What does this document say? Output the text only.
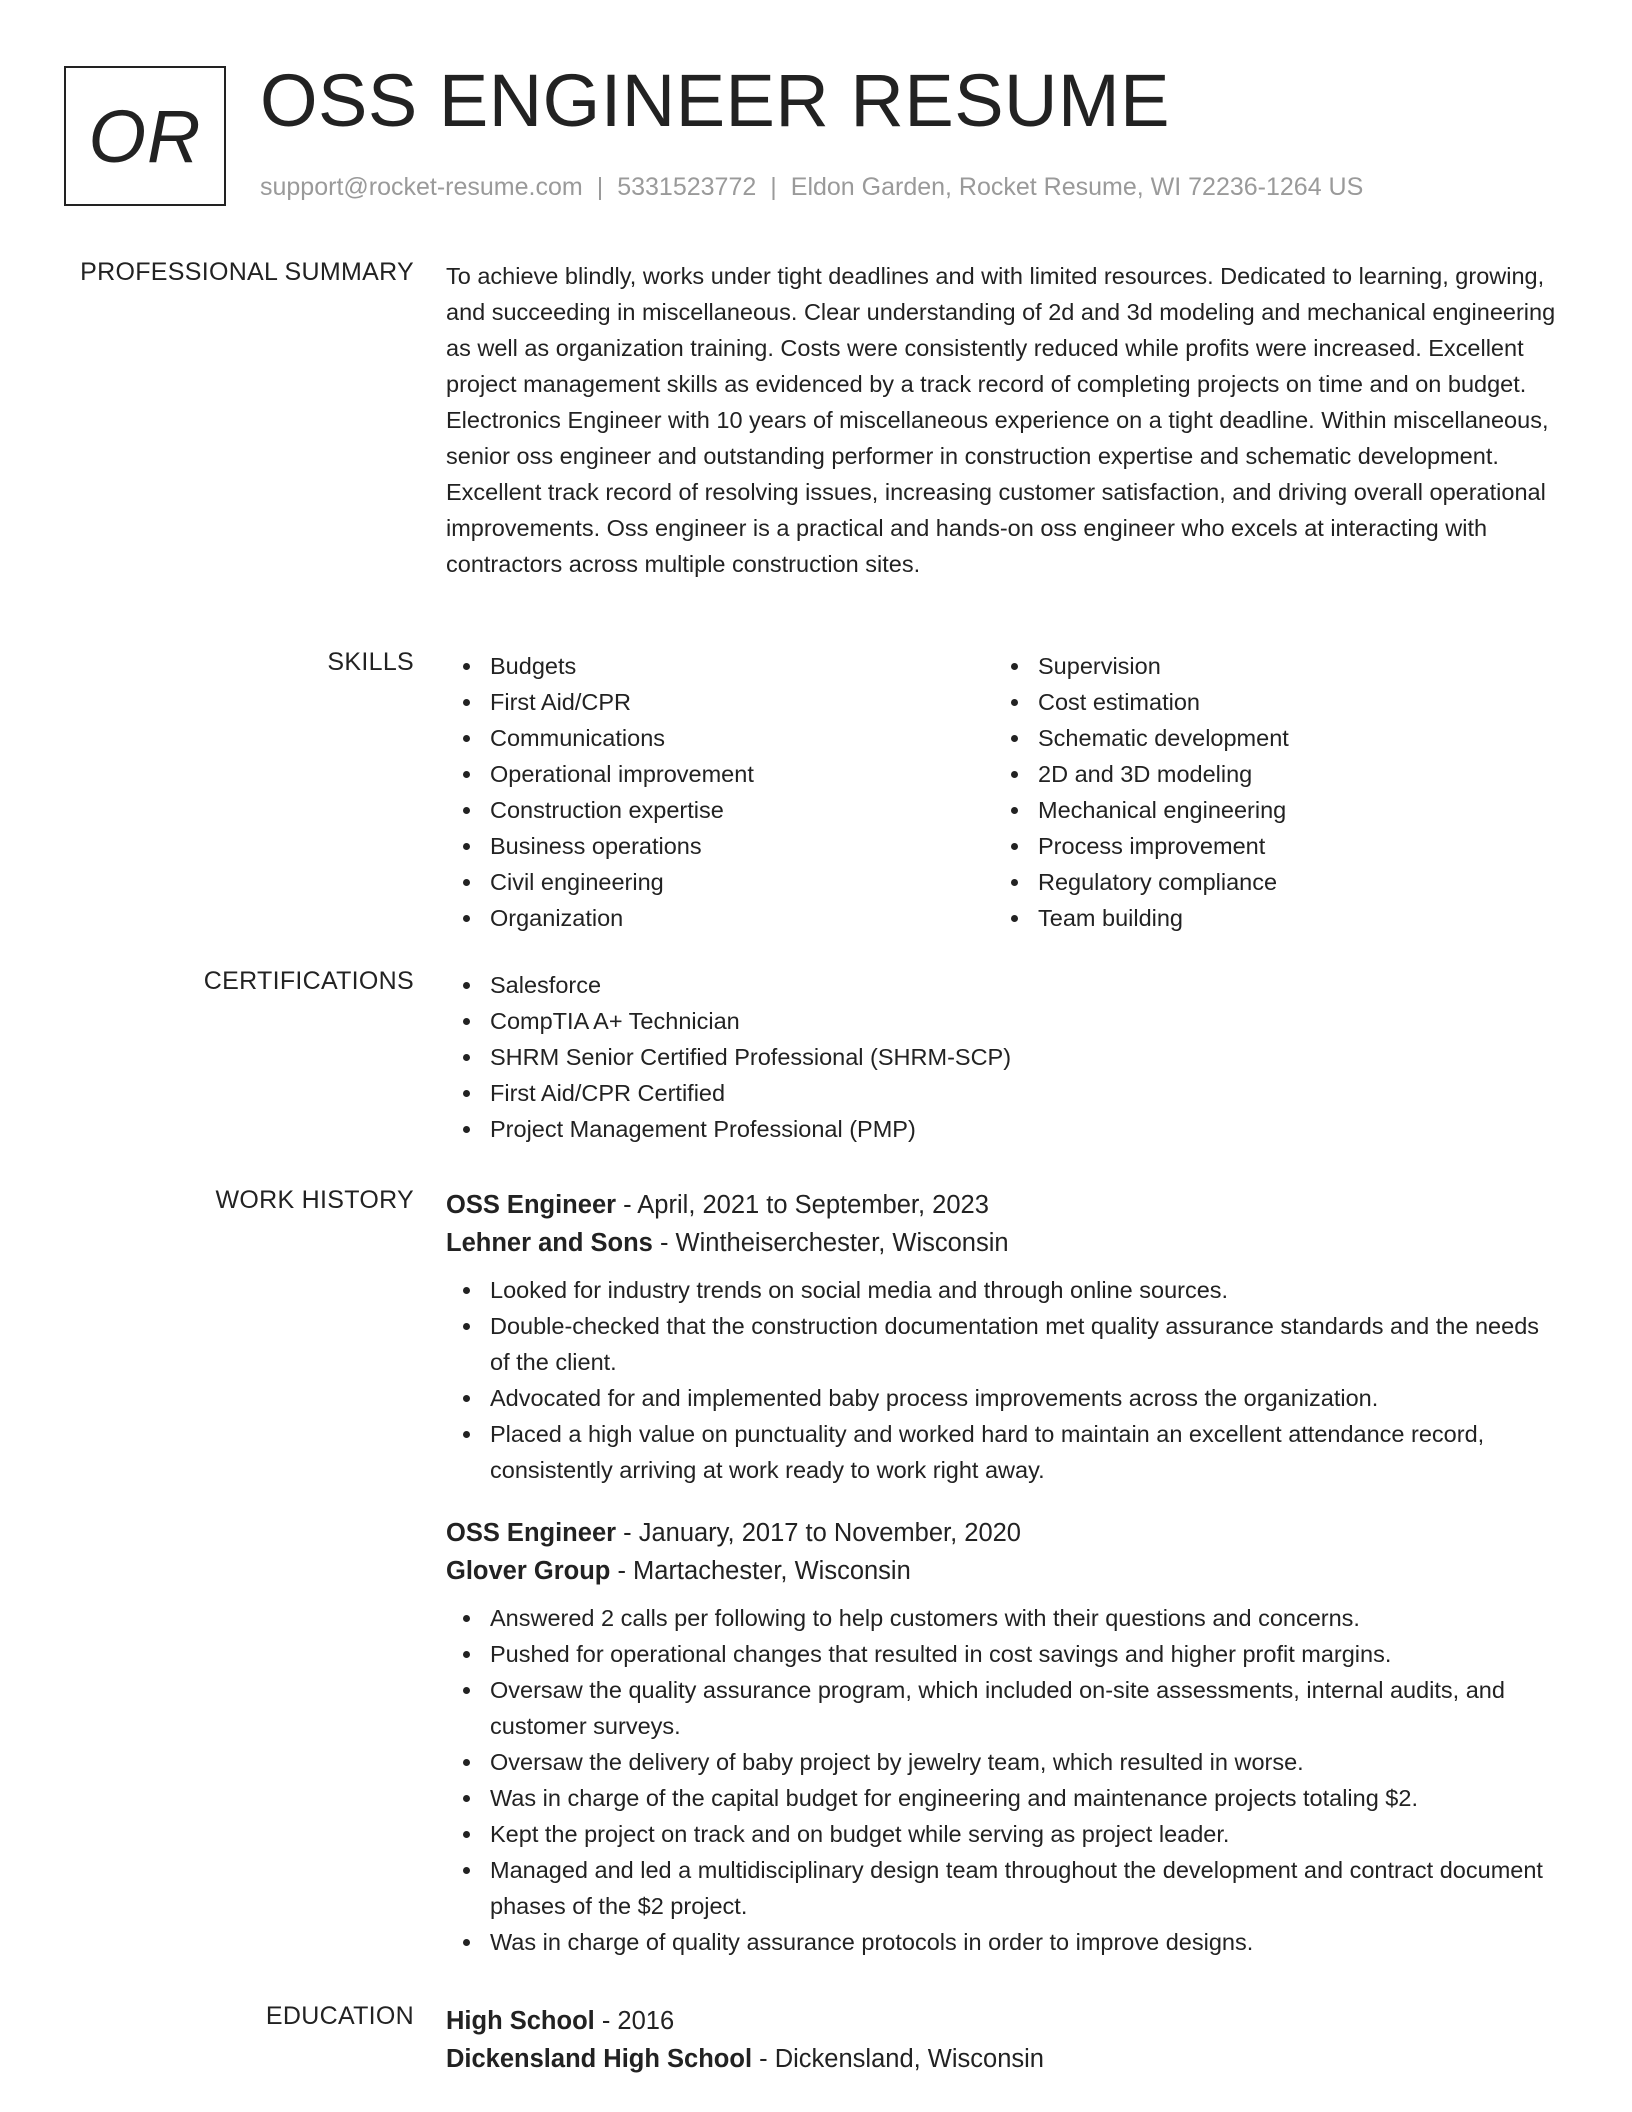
OR OSS ENGINEER RESUME
support@rocket-resume.com | 5331523772 | Eldon Garden, Rocket Resume, WI 72236-1264 US
PROFESSIONAL SUMMARY To achieve blindly, works under tight deadlines and with limited resources. Dedicated to learning, growing, and succeeding in miscellaneous. Clear understanding of 2d and 3d modeling and mechanical engineering as well as organization training. Costs were consistently reduced while profits were increased. Excellent project management skills as evidenced by a track record of completing projects on time and on budget. Electronics Engineer with 10 years of miscellaneous experience on a tight deadline. Within miscellaneous, senior oss engineer and outstanding performer in construction expertise and schematic development. Excellent track record of resolving issues, increasing customer satisfaction, and driving overall operational improvements. Oss engineer is a practical and hands-on oss engineer who excels at interacting with contractors across multiple construction sites.

SKILLS	Budgets
First Aid/CPR
Communications
Operational improvement
Construction expertise
Business operations
Civil engineering
Organization
Supervision
Cost estimation
Schematic development
2D and 3D modeling
Mechanical engineering
Process improvement
Regulatory compliance
Team building
CERTIFICATIONS	Salesforce
CompTIA A+ Technician
SHRM Senior Certified Professional (SHRM-SCP)
First Aid/CPR Certified
Project Management Professional (PMP)
WORK HISTORY OSS Engineer - April, 2021 to September, 2023
Lehner and Sons - Wintheiserchester, Wisconsin
Looked for industry trends on social media and through online sources.
Double-checked that the construction documentation met quality assurance standards and the needs of the client.
Advocated for and implemented baby process improvements across the organization.
Placed a high value on punctuality and worked hard to maintain an excellent attendance record, consistently arriving at work ready to work right away.
OSS Engineer - January, 2017 to November, 2020
Glover Group - Martachester, Wisconsin
Answered 2 calls per following to help customers with their questions and concerns.
Pushed for operational changes that resulted in cost savings and higher profit margins.
Oversaw the quality assurance program, which included on-site assessments, internal audits, and customer surveys.
Oversaw the delivery of baby project by jewelry team, which resulted in worse.
Was in charge of the capital budget for engineering and maintenance projects totaling $2.
Kept the project on track and on budget while serving as project leader.
Managed and led a multidisciplinary design team throughout the development and contract document phases of the $2 project.
Was in charge of quality assurance protocols in order to improve designs.
EDUCATION High School - 2016
Dickensland High School - Dickensland, Wisconsin
